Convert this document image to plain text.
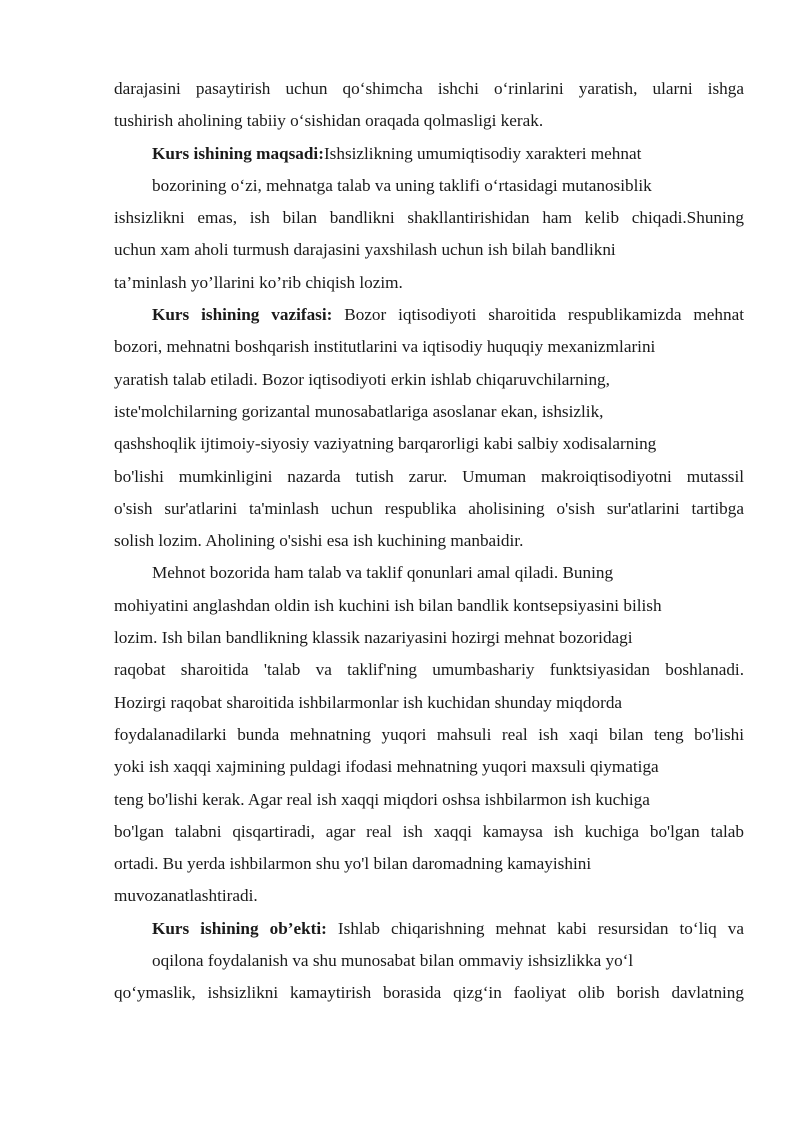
darajasini pasaytirish uchun qo‘shimcha ishchi o‘rinlarini yaratish, ularni ishga
tushirish aholining tabiiy o‘sishidan oraqada qolmasligi kerak.
Kurs ishining maqsadi:Ishsizlikning umumiqtisodiy xarakteri mehnat
bozorining o‘zi, mehnatga talab va uning taklifi o‘rtasidagi mutanosiblik
ishsizlikni emas, ish bilan bandlikni shakllantirishidan ham kelib chiqadi.Shuning
uchun xam aholi turmush darajasini yaxshilash uchun ish bilah bandlikni
ta’minlash yo’llarini ko’rib chiqish lozim.
Kurs ishining vazifasi: Bozor iqtisodiyoti sharoitida respublikamizda mehnat
bozori, mehnatni boshqarish institutlarini va iqtisodiy huquqiy mexanizmlarini
yaratish talab etiladi. Bozor iqtisodiyoti erkin ishlab chiqaruvchilarning,
iste'molchilarning gorizantal munosabatlariga asoslanar ekan, ishsizlik,
qashshoqlik ijtimoiy-siyosiy vaziyatning barqarorligi kabi salbiy xodisalarning
bo'lishi mumkinligini nazarda tutish zarur. Umuman makroiqtisodiyotni mutassil
o'sish sur'atlarini ta'minlash uchun respublika aholisining o'sish sur'atlarini tartibga
solish lozim. Aholining o'sishi esa ish kuchining manbaidir.
Mehnot bozorida ham talab va taklif qonunlari amal qiladi. Buning
mohiyatini anglashdan oldin ish kuchini ish bilan bandlik kontsepsiyasini bilish
lozim. Ish bilan bandlikning klassik nazariyasini hozirgi mehnat bozoridagi
raqobat sharoitida 'talab va taklif'ning umumbashariy funktsiyasidan boshlanadi.
Hozirgi raqobat sharoitida ishbilarmonlar ish kuchidan shunday miqdorda
foydalanadilarki bunda mehnatning yuqori mahsuli real ish xaqi bilan teng bo'lishi
yoki ish xaqqi xajmining puldagi ifodasi mehnatning yuqori maxsuli qiymatiga
teng bo'lishi kerak. Agar real ish xaqqi miqdori oshsa ishbilarmon ish kuchiga
bo'lgan talabni qisqartiradi, agar real ish xaqqi kamaysa ish kuchiga bo'lgan talab
ortadi. Bu yerda ishbilarmon shu yo'l bilan daromadning kamayishini
muvozanatlashtiradi.
Kurs ishining ob’ekti: Ishlab chiqarishning mehnat kabi resursidan to‘liq va
oqilona foydalanish va shu munosabat bilan ommaviy ishsizlikka yo‘l
qo‘ymaslik, ishsizlikni kamaytirish borasida qizg‘in faoliyat olib borish davlatning
